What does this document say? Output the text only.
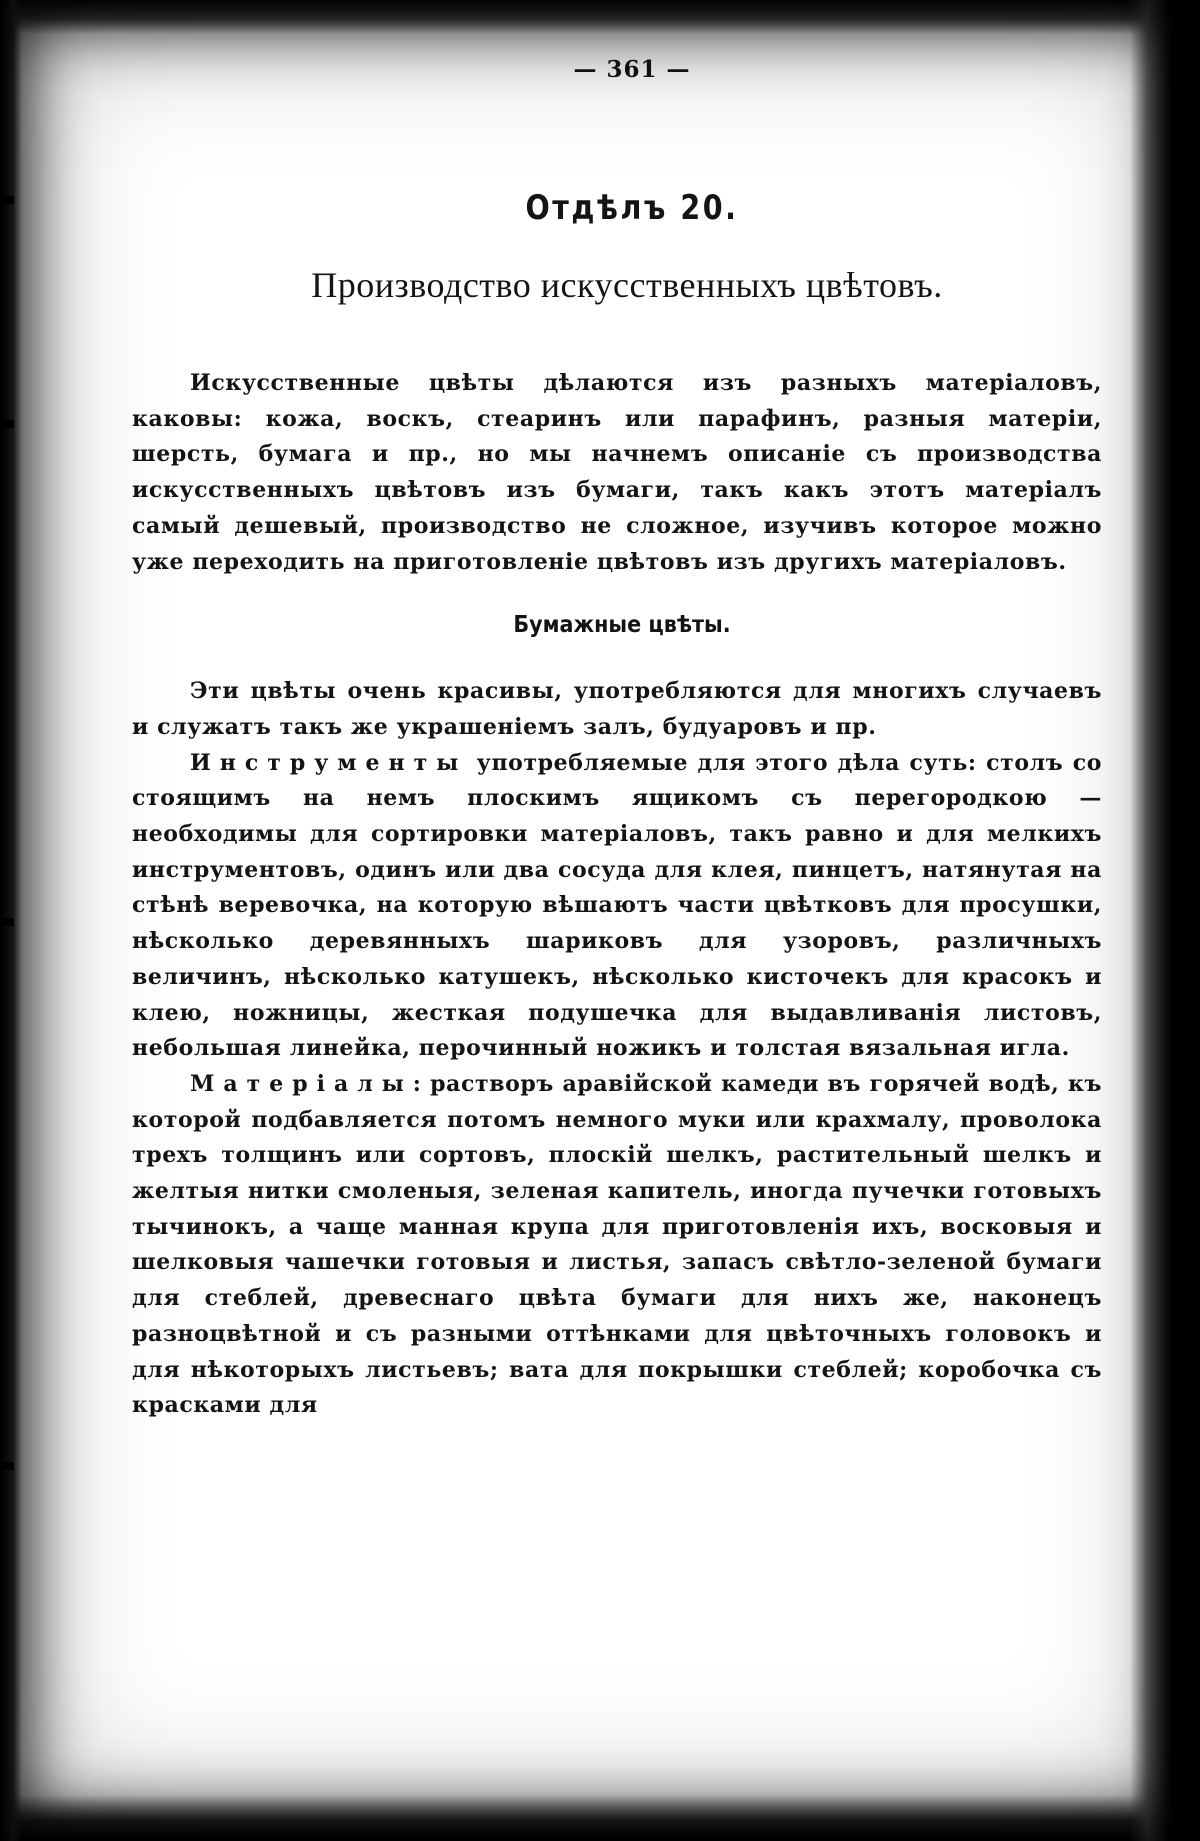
— 361 —
Отдѣлъ 20.
Производство искусственныхъ цвѣтовъ.

Искусственные цвѣты дѣлаются изъ разныхъ матеріаловъ, каковы: кожа, воскъ, стеаринъ или парафинъ, разныя матеріи, шерсть, бумага и пр., но мы начнемъ описаніе съ производства искусственныхъ цвѣтовъ изъ бумаги, такъ какъ этотъ матеріалъ самый дешевый, производство не сложное, изучивъ которое можно уже переходить на приготовленіе цвѣтовъ изъ другихъ матеріаловъ.

Бумажные цвѣты.

Эти цвѣты очень красивы, употребляются для многихъ случаевъ и служатъ такъ же украшеніемъ залъ, будуаровъ и пр.

Инструменты употребляемые для этого дѣла суть: столъ со стоящимъ на немъ плоскимъ ящикомъ съ перегородкою — необходимы для сортировки матеріаловъ, такъ равно и для мелкихъ инструментовъ, одинъ или два сосуда для клея, пинцетъ, натянутая на стѣнѣ веревочка, на которую вѣшаютъ части цвѣтковъ для просушки, нѣсколько деревянныхъ шариковъ для узоровъ, различныхъ величинъ, нѣсколько катушекъ, нѣсколько кисточекъ для красокъ и клею, ножницы, жесткая подушечка для выдавливанія листовъ, небольшая линейка, перочинный ножикъ и толстая вязальная игла.

Матеріалы: растворъ аравійской камеди въ горячей водѣ, къ которой подбавляется потомъ немного муки или крахмалу, проволока трехъ толщинъ или сортовъ, плоскій шелкъ, растительный шелкъ и желтыя нитки смоленыя, зеленая капитель, иногда пучечки готовыхъ тычинокъ, а чаще манная крупа для приготовленія ихъ, восковыя и шелковыя чашечки готовыя и листья, запасъ свѣтло-зеленой бумаги для стеблей, древеснаго цвѣта бумаги для нихъ же, наконецъ разноцвѣтной и съ разными оттѣнками для цвѣточныхъ головокъ и для нѣкоторыхъ листьевъ; вата для покрышки стеблей; коробочка съ красками для
